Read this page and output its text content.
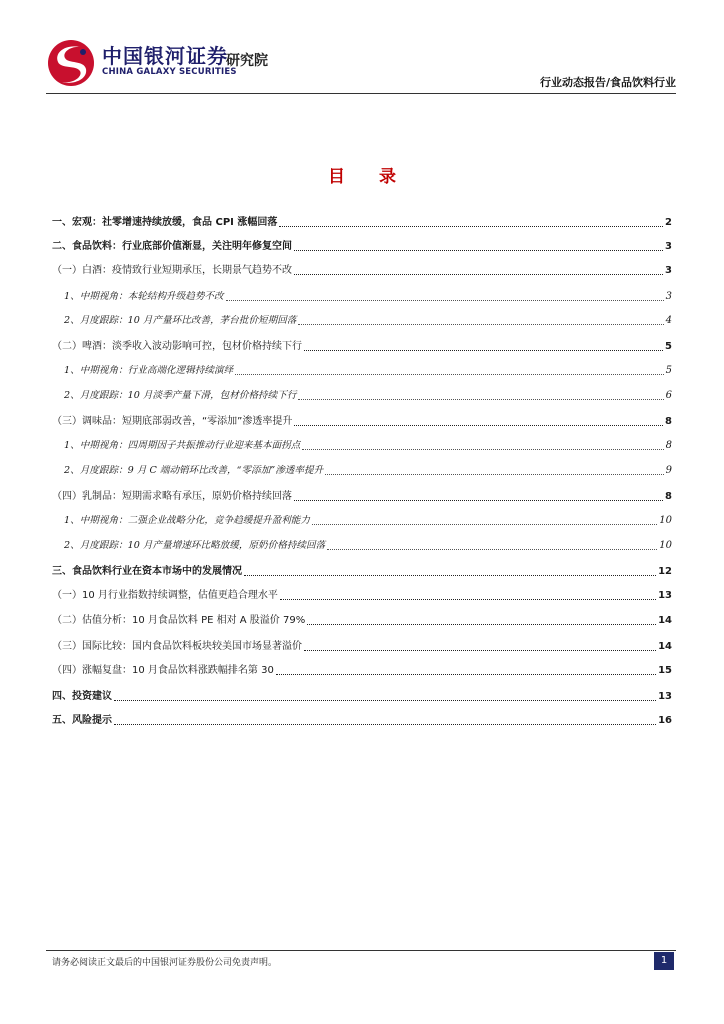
中国银河证券
CHINA GALAXY SECURITIES
研究院
行业动态报告/食品饮料行业
目 录
一、宏观：社零增速持续放缓，食品 CPI 涨幅回落	2
二、食品饮料：行业底部价值渐显，关注明年修复空间	3
（一）白酒：疫情致行业短期承压，长期景气趋势不改	3
1、中期视角：本轮结构升级趋势不改	3
2、月度跟踪：10 月产量环比改善，茅台批价短期回落	4
（二）啤酒：淡季收入波动影响可控，包材价格持续下行	5
1、中期视角：行业高端化逻辑持续演绎	5
2、月度跟踪：10 月淡季产量下滑，包材价格持续下行	6
（三）调味品：短期底部弱改善，“零添加”渗透率提升	8
1、中期视角：四周期因子共振推动行业迎来基本面拐点	8
2、月度跟踪：9 月 C 端动销环比改善，“零添加”渗透率提升	9
（四）乳制品：短期需求略有承压，原奶价格持续回落	8
1、中期视角：二强企业战略分化，竞争趋缓提升盈利能力	10
2、月度跟踪：10 月产量增速环比略放缓，原奶价格持续回落	10
三、食品饮料行业在资本市场中的发展情况	12
（一）10 月行业指数持续调整，估值更趋合理水平	13
（二）估值分析：10 月食品饮料 PE 相对 A 股溢价 79%	14
（三）国际比较：国内食品饮料板块较美国市场显著溢价	14
（四）涨幅复盘：10 月食品饮料涨跌幅排名第 30	15
四、投资建议	13
五、风险提示	16
请务必阅读正文最后的中国银河证券股份公司免责声明。	1
